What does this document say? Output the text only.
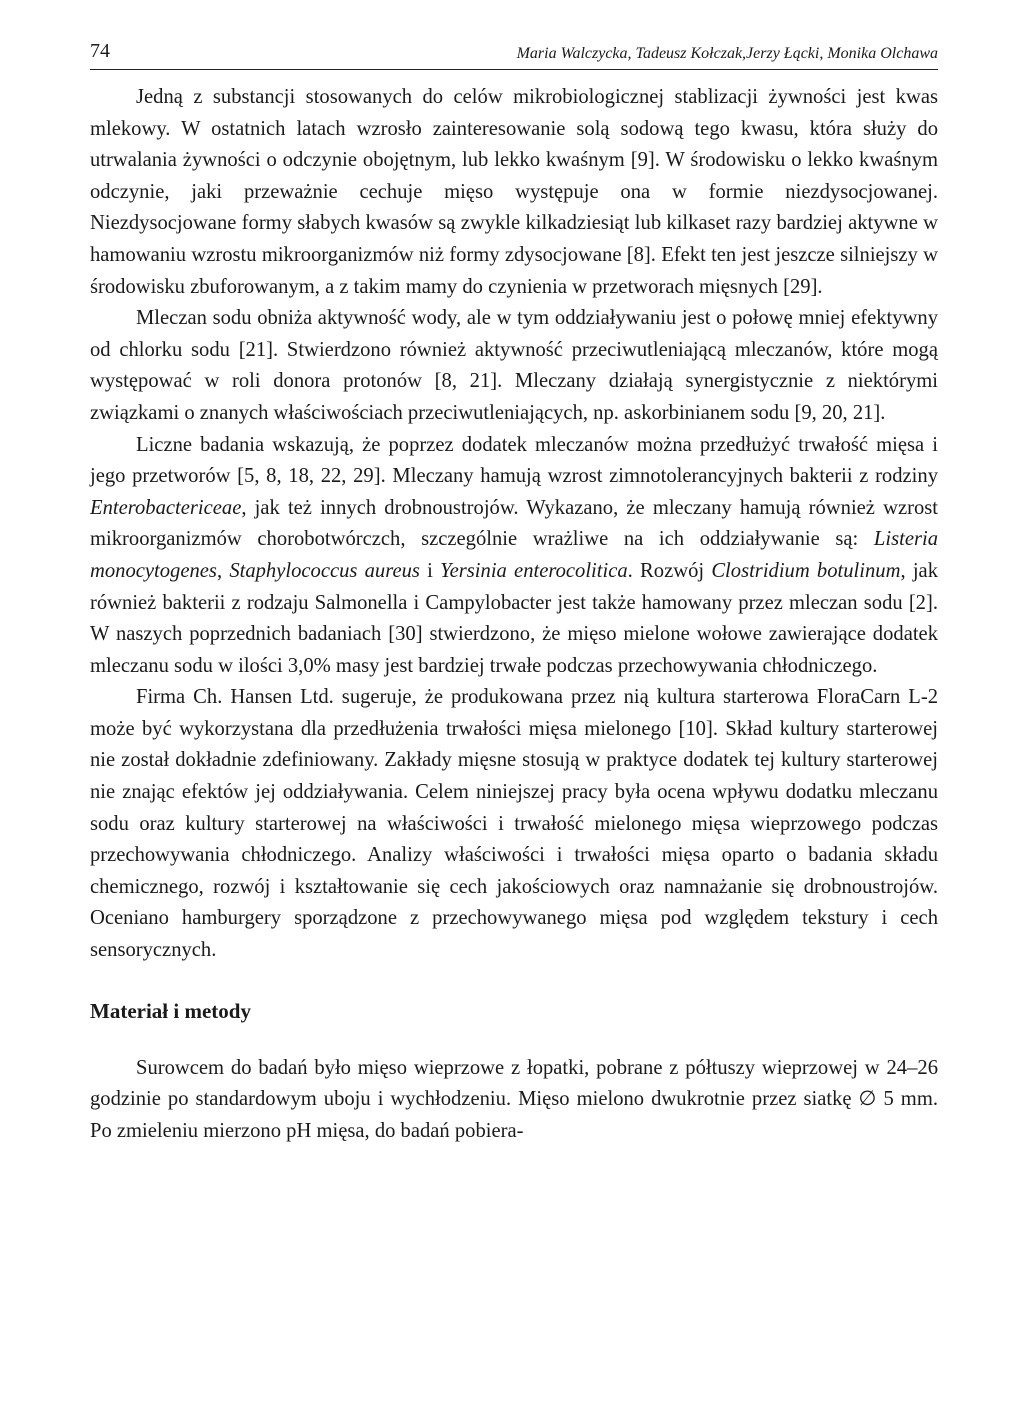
74	Maria Walczycka, Tadeusz Kołczak,Jerzy Łącki, Monika Olchawa

Jedną z substancji stosowanych do celów mikrobiologicznej stablizacji żywności jest kwas mlekowy. W ostatnich latach wzrosło zainteresowanie solą sodową tego kwasu, która służy do utrwalania żywności o odczynie obojętnym, lub lekko kwaśnym [9]. W środowisku o lekko kwaśnym odczynie, jaki przeważnie cechuje mięso występuje ona w formie niezdysocjowanej. Niezdysocjowane formy słabych kwasów są zwykle kilkadziesiąt lub kilkaset razy bardziej aktywne w hamowaniu wzrostu mikroorganizmów niż formy zdysocjowane [8]. Efekt ten jest jeszcze silniejszy w środowisku zbuforowanym, a z takim mamy do czynienia w przetworach mięsnych [29].

Mleczan sodu obniża aktywność wody, ale w tym oddziaływaniu jest o połowę mniej efektywny od chlorku sodu [21]. Stwierdzono również aktywność przeciwutleniającą mleczanów, które mogą występować w roli donora protonów [8, 21]. Mleczany działają synergistycznie z niektórymi związkami o znanych właściwościach przeciwutleniających, np. askorbinianem sodu [9, 20, 21].

Liczne badania wskazują, że poprzez dodatek mleczanów można przedłużyć trwałość mięsa i jego przetworów [5, 8, 18, 22, 29]. Mleczany hamują wzrost zimnotolerancyjnych bakterii z rodziny Enterobactericeae, jak też innych drobnoustrojów. Wykazano, że mleczany hamują również wzrost mikroorganizmów chorobotwórczch, szczególnie wrażliwe na ich oddziaływanie są: Listeria monocytogenes, Staphylococcus aureus i Yersinia enterocolitica. Rozwój Clostridium botulinum, jak również bakterii z rodzaju Salmonella i Campylobacter jest także hamowany przez mleczan sodu [2]. W naszych poprzednich badaniach [30] stwierdzono, że mięso mielone wołowe zawierające dodatek mleczanu sodu w ilości 3,0% masy jest bardziej trwałe podczas przechowywania chłodniczego.

Firma Ch. Hansen Ltd. sugeruje, że produkowana przez nią kultura starterowa FloraCarn L-2 może być wykorzystana dla przedłużenia trwałości mięsa mielonego [10]. Skład kultury starterowej nie został dokładnie zdefiniowany. Zakłady mięsne stosują w praktyce dodatek tej kultury starterowej nie znając efektów jej oddziaływania. Celem niniejszej pracy była ocena wpływu dodatku mleczanu sodu oraz kultury starterowej na właściwości i trwałość mielonego mięsa wieprzowego podczas przechowywania chłodniczego. Analizy właściwości i trwałości mięsa oparto o badania składu chemicznego, rozwój i kształtowanie się cech jakościowych oraz namnażanie się drobnoustrojów. Oceniano hamburgery sporządzone z przechowywanego mięsa pod względem tekstury i cech sensorycznych.

Materiał i metody

Surowcem do badań było mięso wieprzowe z łopatki, pobrane z półtuszy wieprzowej w 24–26 godzinie po standardowym uboju i wychłodzeniu. Mięso mielono dwukrotnie przez siatkę ∅ 5 mm. Po zmieleniu mierzono pH mięsa, do badań pobiera-
